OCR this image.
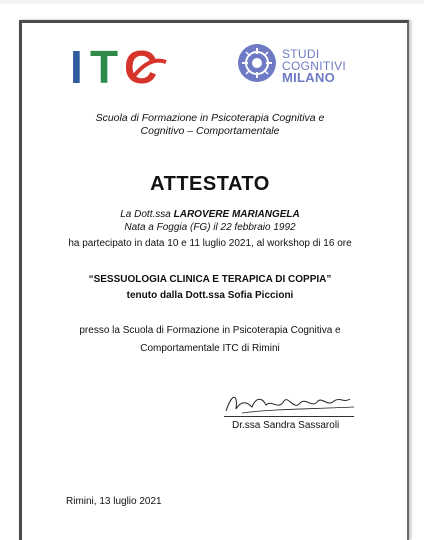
I T C	STUDI
COGNITIVI
MILANO
Scuola di Formazione in Psicoterapia Cognitiva e
Cognitivo – Comportamentale
ATTESTATO
La Dott.ssa LAROVERE MARIANGELA
Nata a Foggia (FG) il 22 febbraio 1992
ha partecipato in data 10 e 11 luglio 2021, al workshop di 16 ore
“SESSUOLOGIA CLINICA E TERAPICA DI COPPIA”
tenuto dalla Dott.ssa Sofia Piccioni
presso la Scuola di Formazione in Psicoterapia Cognitiva e
Comportamentale ITC di Rimini
Dr.ssa Sandra Sassaroli
Rimini, 13 luglio 2021
